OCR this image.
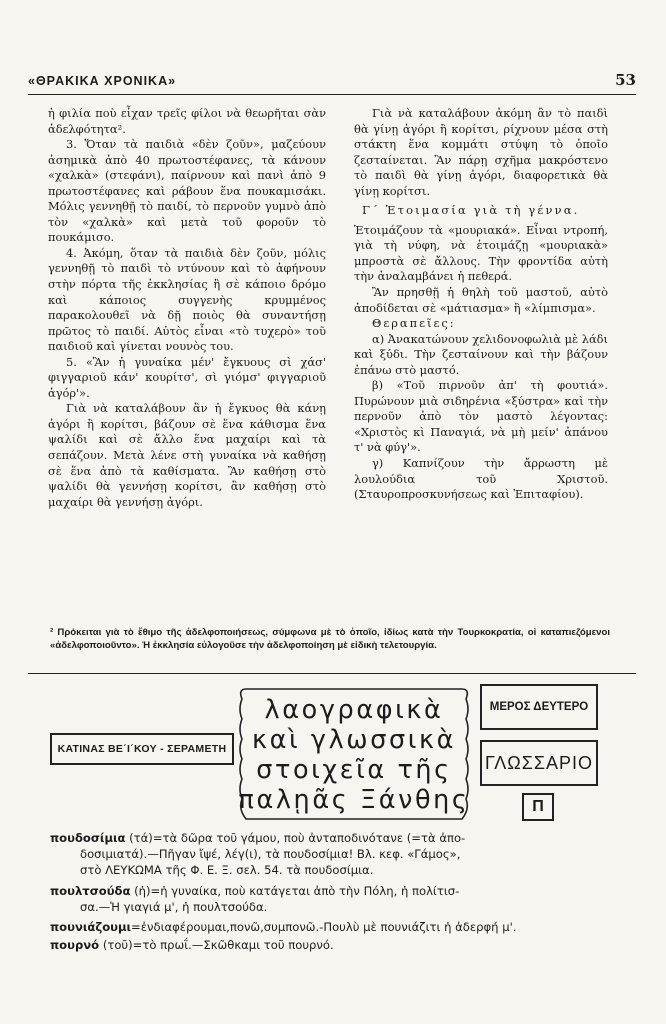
«ΘΡΑΚΙΚΑ ΧΡΟΝΙΚΑ»	53

ἡ φιλία ποὺ εἶχαν τρεῖς φίλοι νὰ θεωρῆται σὰν ἀδελφότητα².

3. Ὅταν τὰ παιδιὰ «δὲν ζοῦν», μαζεύουν ἀσημικὰ ἀπὸ 40 πρωτοστέφανες, τὰ κάνουν «χαλκὰ» (στεφάνι), παίρνουν καὶ πανὶ ἀπὸ 9 πρωτοστέφανες καὶ ράβουν ἕνα πουκαμισάκι. Μόλις γεννηθῇ τὸ παιδί, τὸ περνοῦν γυμνὸ ἀπὸ τὸν «χαλκὰ» καὶ μετὰ τοῦ φοροῦν τὸ πουκάμισο.

4. Ἀκόμη, ὅταν τὰ παιδιὰ δὲν ζοῦν, μόλις γεννηθῇ τὸ παιδὶ τὸ ντύνουν καὶ τὸ ἀφήνουν στὴν πόρτα τῆς ἐκκλησίας ἢ σὲ κάποιο δρόμο καὶ κάποιος συγγενὴς κρυμμένος παρακολουθεῖ νὰ δῇ ποιὸς θὰ συναντήσῃ πρῶτος τὸ παιδί. Αὐτὸς εἶναι «τὸ τυχερὸ» τοῦ παιδιοῦ καὶ γίνεται νουνὸς του.

5. «Ἂν ἡ γυναίκα μέν' ἔγκυους σὶ χάσ' φιγγαριοῦ κάν' κουρίτσ', σὶ γιόμσ' φιγγαριοῦ ἀγόρ'».

Γιὰ νὰ καταλάβουν ἂν ἡ ἔγκυος θὰ κάνῃ ἀγόρι ἢ κορίτσι, βάζουν σὲ ἕνα κάθισμα ἕνα ψαλίδι καὶ σὲ ἄλλο ἕνα μαχαίρι καὶ τὰ σεπάζουν. Μετὰ λένε στὴ γυναίκα νὰ καθήσῃ σὲ ἕνα ἀπὸ τὰ καθίσματα. Ἂν καθήσῃ στὸ ψαλίδι θὰ γεννήσῃ κορίτσι, ἂν καθήσῃ στὸ μαχαίρι θὰ γεννήσῃ ἀγόρι.

Γιὰ νὰ καταλάβουν ἀκόμη ἂν τὸ παιδὶ θὰ γίνῃ ἀγόρι ἢ κορίτσι, ρίχνουν μέσα στὴ στάκτη ἕνα κομμάτι στύψη τὸ ὁποῖο ζεσταίνεται. Ἂν πάρῃ σχῆμα μακρόστενο τὸ παιδὶ θὰ γίνῃ ἀγόρι, διαφορετικὰ θὰ γίνῃ κορίτσι.

Γ΄ Ἑτοιμασία γιὰ τὴ γέννα.

Ἑτοιμάζουν τὰ «μουριακά». Εἶναι ντροπή, γιὰ τὴ νύφη, νὰ ἑτοιμάζῃ «μουριακὰ» μπροστὰ σὲ ἄλλους. Τὴν φροντίδα αὐτὴ τὴν ἀναλαμβάνει ἡ πεθερά.

Ἂν πρησθῇ ἡ θηλὴ τοῦ μαστοῦ, αὐτὸ ἀποδίδεται σὲ «μάτιασμα» ἢ «λίμπισμα».

Θεραπεῖες:

α) Ἀνακατώνουν χελιδονοφωλιὰ μὲ λάδι καὶ ξύδι. Τὴν ζεσταίνουν καὶ τὴν βάζουν ἐπάνω στὸ μαστό.

β) «Τοῦ πιρνοῦν ἀπ' τὴ φουτιά». Πυρώνουν μιὰ σιδηρένια «ξύστρα» καὶ τὴν περνοῦν ἀπὸ τὸν μαστὸ λέγοντας: «Χριστὸς κὶ Παναγιά, νὰ μὴ μείν' ἀπάνου τ' νὰ φύγ'».

γ) Καπνίζουν τὴν ἄρρωστη μὲ λουλούδια τοῦ Χριστοῦ. (Σταυροπροσκυνήσεως καὶ Ἐπιταφίου).

² Πρόκειται γιὰ τὸ ἔθιμο τῆς ἀδελφοποιήσεως, σύμφωνα μὲ τὸ ὁποῖο, ἰδίως κατὰ τὴν Τουρκοκρατία, οἱ καταπιεζόμενοι «ἀδελφοποιοῦντο». Ἡ ἐκκλησία εὐλογοῦσε τὴν ἀδελφοποίηση μὲ εἰδικὴ τελετουργία.
ΚΑΤΙΝΑΣ ΒΕ΄Ι΄ΚΟΥ - ΣΕΡΑΜΕΤΗ
λαογραφικὰ
καὶ γλωσσικὰ
στοιχεῖα τῆς
παλῃᾶς Ξάνθης
ΜΕΡΟΣ ΔΕΥΤΕΡΟ
ΓΛΩΣΣΑΡΙΟ
Π

πουδοσίμια (τά)=τὰ δῶρα τοῦ γάμου, ποὺ ἀνταποδινότανε (=τὰ ἀπο-

δοσιμιατά).—Πῆγαν ἴψέ, λέγ(ι), τὰ πουδοσίμια! Βλ. κεφ. «Γάμος»,

στὸ ΛΕΥΚΩΜΑ τῆς Φ. Ε. Ξ. σελ. 54. τὰ πουδοσίμια.

πουλτσούδα (ἡ)=ἡ γυναίκα, ποὺ κατάγεται ἀπὸ τὴν Πόλη, ἡ πολίτισ-

σα.—Ἡ γιαγιά μ', ἡ πουλτσούδα.

πουνιάζουμι=ἐνδιαφέρουμαι,πονῶ,συμπονῶ.-Πουλὺ μὲ πουνιάζιτι ἡ ἀδερφή μ'.

πουρνό (τοῦ)=τὸ πρωΐ.—Σκῶθκαμι τοῦ πουρνό.
